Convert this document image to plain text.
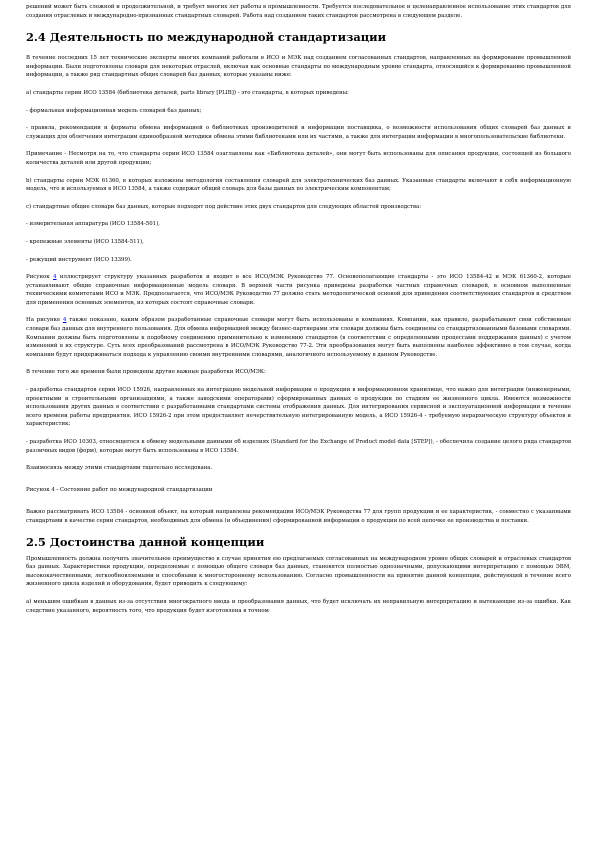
решений может быть сложной и продолжительной, и требует многих лет работы в промышленности. Требуется последовательное и целенаправленное использование этих стандартов для создания отраслевых и международно-признанных стандартных словарей. Работа над созданием таких стандартов рассмотрена в следующем разделе.

2.4 Деятельность по международной стандартизации

В течение последних 15 лет технические эксперты многих компаний работали в ИСО и МЭК над созданием согласованных стандартов, направленных на формирование промышленной информации. Были подготовлены словари для некоторых отраслей, включая как основные стандарты по международным уровне стандарта, относящийся к формированию промышленной информации, а также ряд стандартных общих словарей баз данных, которые указаны ниже:

а) стандарты серии ИСО 13584 (библиотека деталей, parts library [PLIB]) - это стандарты, в которых приведены:

- формальная информационная модель словарей баз данных;

- правила, рекомендации и форматы обмена информацией о библиотеках производителей и информации поставщика, о возможности использования общих словарей баз данных и служащих для облегчения интеграции единообразной методики обмена этими библиотеками или их частями, а также для интеграции информации в многопользовательские библиотеки.

Примечание - Несмотря на то, что стандарты серии ИСО 13584 озаглавлены как «Библиотека деталей», они могут быть использованы для описания продукции, состоящей из большого количества деталей или другой продукции;

b) стандарты серии МЭК 61360, в которых изложены методология составления словарей для электротехнических баз данных. Указанные стандарты включают в себя информационную модель, что и используемая в ИСО 13584, а также содержат общий словарь для базы данных по электрическим компонентам;

c) стандартные общие словари баз данных, которые подходят под действие этих двух стандартов для следующих областей производства:

- измерительная аппаратура (ИСО 13584-501),

- крепежные элементы (ИСО 13584-511),

- режущий инструмент (ИСО 13399).

Рисунок 4 иллюстрирует структуру указанных разработок и входит в все ИСО/МЭК Руководство 77. Основополагающие стандарты - это ИСО 13584-42 и МЭК 61360-2, которые устанавливают общие справочные информационные модель словаря. В верхней части рисунка приведены разработки частных справочных словарей, в основном выполненные техническими комитетами ИСО и МЭК. Предполагается, что ИСО/МЭК Руководство 77 должно стать методологической основой для приведения соответствующих стандартов и средством для применения основных элементов, из которых состоят справочные словари.

На рисунке 4 также показано, каким образом разработанные справочные словари могут быть использованы в компаниях. Компании, как правило, разрабатывают свои собственные словари баз данных для внутреннего пользования. Для обмена информацией между бизнес-партнерами эти словари должны быть соединены со стандартизованными базовыми словарями. Компании должны быть подготовлены к подобному соединению применительно к изменению стандартов (в соответствии с определенными процессами поддержания данных) с учетом изменений в их структуре. Суть всех преобразований рассмотрена в ИСО/МЭК Руководство 77-2. Эти преобразования могут быть выполнены наиболее эффективно в том случае, когда компании будут придерживаться подхода к управлению своими внутренними словарями, аналогичного используемому в данном Руководстве.

В течение того же времени были проведены другие важные разработки ИСО/МЭК:

- разработка стандартов серии ИСО 15926, направленных на интеграцию модельной информации о продукции в информационном хранилище, что важно для интеграции (инженерными, проектными и строительными организациями, а также заводскими операторами) сформированных данных о продукции по стадиям ее жизненного цикла. Имеются возможности использования других данных в соответствии с разработанными стандартами системы отображения данных. Для интегрирования сервисной и эксплуатационной информации в течение всего времени работы предприятия. ИСО 15926-2 при этом предоставляет нечерствительную интегрированную модель, а ИСО 15926-4 - требуемую иерархическую структуру объектов и характеристик;

- разработка ИСО 10303, относящегося к обмену модельными данными об изделиях (Standard for the Exchange of Product model data [STEP]), - обеспечила создание целого ряда стандартов различных видов (форм), которые могут быть использованы в ИСО 13584.

Взаимосвязь между этими стандартами тщательно исследована.

Рисунок 4 - Состояние работ по международной стандартизации

Важно рассматривать ИСО 13584 - основной объект, на который направлены рекомендации ИСО/МЭК Руководства 77 для групп продукции и ее характеристик, - совместно с указанными стандартами в качестве серии стандартов, необходимых для обмена (и объединения) сформированной информации о продукции по всей цепочке ее производства и поставки.

2.5 Достоинства данной концепции

Промышленность должна получить значительное преимущество в случае принятия ею предлагаемых согласованных на международном уровне общих словарей и отраслевых стандартов баз данных. Характеристики продукции, определяемые с помощью общего словаря баз данных, становятся полностью однозначными, допускающими интерпретацию с помощью ЭВМ, высококачественными, легкообновляемыми и способными к многостороннему использованию. Согласно промышленности на принятие данной концепции, действующей в течение всего жизненного цикла изделий и оборудования, будет приводить к следующему:

а) меньшим ошибкам в данных из-за отсутствия многократного ввода и преобразования данных, что будет исключать их неправильную интерпретацию и вытекающие из-за ошибки. Как следствие указанного, вероятность того, что продукция будет изготовлена в точном
